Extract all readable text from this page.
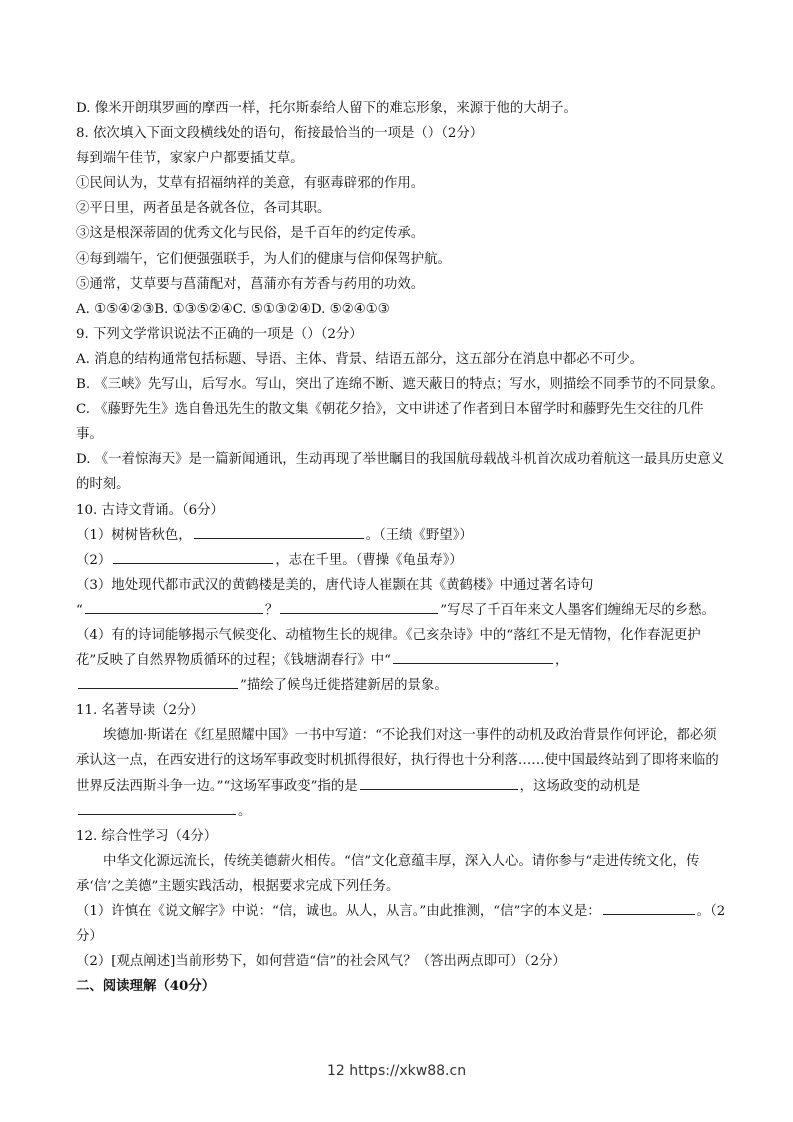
D. 像米开朗琪罗画的摩西一样，托尔斯泰给人留下的难忘形象，来源于他的大胡子。
8. 依次填入下面文段横线处的语句，衔接最恰当的一项是（）（2分）
每到端午佳节，家家户户都要插艾草。
①民间认为，艾草有招福纳祥的美意，有驱毒辟邪的作用。
②平日里，两者虽是各就各位，各司其职。
③这是根深蒂固的优秀文化与民俗，是千百年的约定传承。
④每到端午，它们便强强联手，为人们的健康与信仰保驾护航。
⑤通常，艾草要与菖蒲配对，菖蒲亦有芳香与药用的功效。
A. ①⑤④②③B. ①③⑤②④C. ⑤①③②④D. ⑤②④①③
9. 下列文学常识说法不正确的一项是（）（2分）
A. 消息的结构通常包括标题、导语、主体、背景、结语五部分，这五部分在消息中都必不可少。
B. 《三峡》先写山，后写水。写山，突出了连绵不断、遮天蔽日的特点；写水，则描绘不同季节的不同景象。
C. 《藤野先生》选自鲁迅先生的散文集《朝花夕拾》，文中讲述了作者到日本留学时和藤野先生交往的几件事。
D. 《一着惊海天》是一篇新闻通讯，生动再现了举世瞩目的我国航母载战斗机首次成功着航这一最具历史意义的时刻。
10. 古诗文背诵。（6分）
（1）树树皆秋色，	。（王绩《野望》）
（2）	，志在千里。（曹操《龟虽寿》）
（3）地处现代都市武汉的黄鹤楼是美的，唐代诗人崔颢在其《黄鹤楼》中通过著名诗句
“	？	”写尽了千百年来文人墨客们缠绵无尽的乡愁。
（4）有的诗词能够揭示气候变化、动植物生长的规律。《己亥杂诗》中的“落红不是无情物，化作春泥更护花”反映了自然界物质循环的过程；《钱塘湖春行》中“	，
”描绘了候鸟迁徙搭建新居的景象。
11. 名著导读（2分）
埃德加·斯诺在《红星照耀中国》一书中写道：“不论我们对这一事件的动机及政治背景作何评论，都必须承认这一点，在西安进行的这场军事政变时机抓得很好，执行得也十分利落……使中国最终站到了即将来临的世界反法西斯斗争一边。”“这场军事政变”指的是	，这场政变的动机是。
12. 综合性学习（4分）
中华文化源远流长，传统美德薪火相传。“信”文化意蕴丰厚，深入人心。请你参与“走进传统文化，传承‘信’之美德”主题实践活动，根据要求完成下列任务。
（1）许慎在《说文解字》中说：“信，诚也。从人，从言。”由此推测，“信”字的本义是：	。（2分）
（2）[观点阐述]当前形势下，如何营造“信”的社会风气？（答出两点即可）（2分）
二、阅读理解（40分）
12 https://xkw88.cn
